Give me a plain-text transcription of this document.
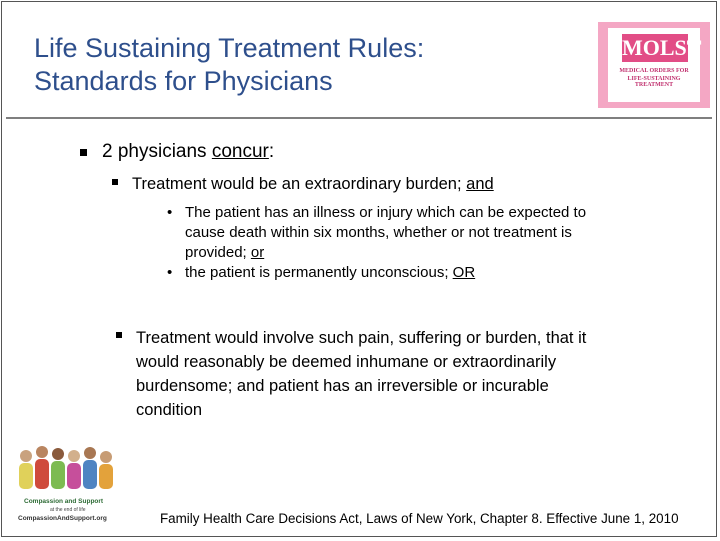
Life Sustaining Treatment Rules:
Standards for Physicians
MOLST
MEDICAL ORDERS FOR
LIFE-SUSTAINING TREATMENT
2 physicians concur:
Treatment would be an extraordinary burden; and
• The patient has an illness or injury which can be expected to cause death within six months, whether or not treatment is provided; or
• the patient is permanently unconscious; OR
Treatment would involve such pain, suffering or burden, that it would reasonably be deemed inhumane or extraordinarily burdensome; and patient has an irreversible or incurable condition
Compassion and Support
at the end of life
CompassionAndSupport.org	Family Health Care Decisions Act, Laws of New York, Chapter 8. Effective June 1, 2010
